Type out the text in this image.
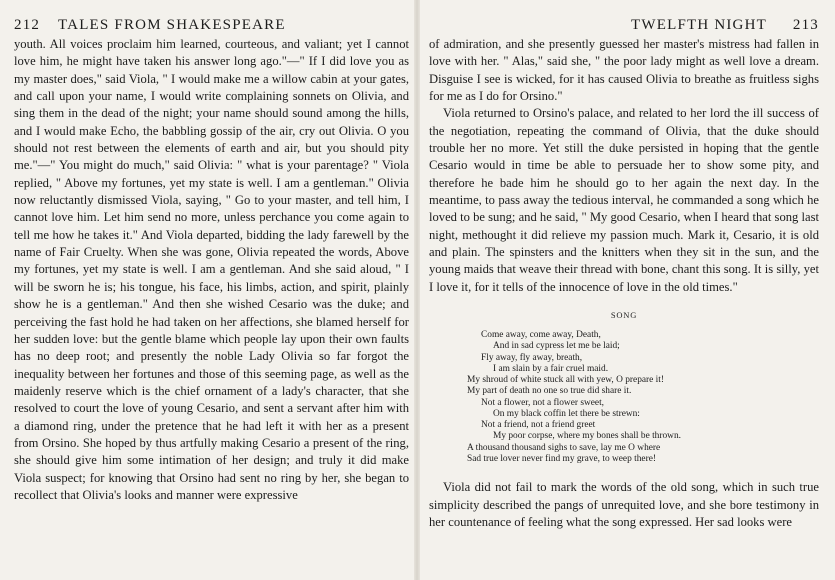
212 TALES FROM SHAKESPEARE

youth. All voices proclaim him learned, courteous, and valiant; yet I cannot love him, he might have taken his answer long ago."—" If I did love you as my master does," said Viola, " I would make me a willow cabin at your gates, and call upon your name, I would write complaining sonnets on Olivia, and sing them in the dead of the night; your name should sound among the hills, and I would make Echo, the babbling gossip of the air, cry out Olivia. O you should not rest between the elements of earth and air, but you should pity me."—" You might do much," said Olivia: " what is your parentage? " Viola replied, " Above my fortunes, yet my state is well. I am a gentleman." Olivia now reluctantly dismissed Viola, saying, " Go to your master, and tell him, I cannot love him. Let him send no more, unless perchance you come again to tell me how he takes it." And Viola departed, bidding the lady farewell by the name of Fair Cruelty. When she was gone, Olivia repeated the words, Above my fortunes, yet my state is well. I am a gentleman. And she said aloud, " I will be sworn he is; his tongue, his face, his limbs, action, and spirit, plainly show he is a gentleman." And then she wished Cesario was the duke; and perceiving the fast hold he had taken on her affections, she blamed herself for her sudden love: but the gentle blame which people lay upon their own faults has no deep root; and presently the noble Lady Olivia so far forgot the inequality between her fortunes and those of this seeming page, as well as the maidenly reserve which is the chief ornament of a lady's character, that she resolved to court the love of young Cesario, and sent a servant after him with a diamond ring, under the pretence that he had left it with her as a present from Orsino. She hoped by thus artfully making Cesario a present of the ring, she should give him some intimation of her design; and truly it did make Viola suspect; for knowing that Orsino had sent no ring by her, she began to recollect that Olivia's looks and manner were expressive

TWELFTH NIGHT 213

of admiration, and she presently guessed her master's mistress had fallen in love with her. " Alas," said she, " the poor lady might as well love a dream. Disguise I see is wicked, for it has caused Olivia to breathe as fruitless sighs for me as I do for Orsino."

Viola returned to Orsino's palace, and related to her lord the ill success of the negotiation, repeating the command of Olivia, that the duke should trouble her no more. Yet still the duke persisted in hoping that the gentle Cesario would in time be able to persuade her to show some pity, and therefore he bade him he should go to her again the next day. In the meantime, to pass away the tedious interval, he commanded a song which he loved to be sung; and he said, " My good Cesario, when I heard that song last night, methought it did relieve my passion much. Mark it, Cesario, it is old and plain. The spinsters and the knitters when they sit in the sun, and the young maids that weave their thread with bone, chant this song. It is silly, yet I love it, for it tells of the innocence of love in the old times."

SONG
Come away, come away, Death,
And in sad cypress let me be laid;
Fly away, fly away, breath,
I am slain by a fair cruel maid.
My shroud of white stuck all with yew, O prepare it!
My part of death no one so true did share it.
Not a flower, not a flower sweet,
On my black coffin let there be strewn:
Not a friend, not a friend greet
My poor corpse, where my bones shall be thrown.
A thousand thousand sighs to save, lay me O where
Sad true lover never find my grave, to weep there!

Viola did not fail to mark the words of the old song, which in such true simplicity described the pangs of unrequited love, and she bore testimony in her countenance of feeling what the song expressed. Her sad looks were
